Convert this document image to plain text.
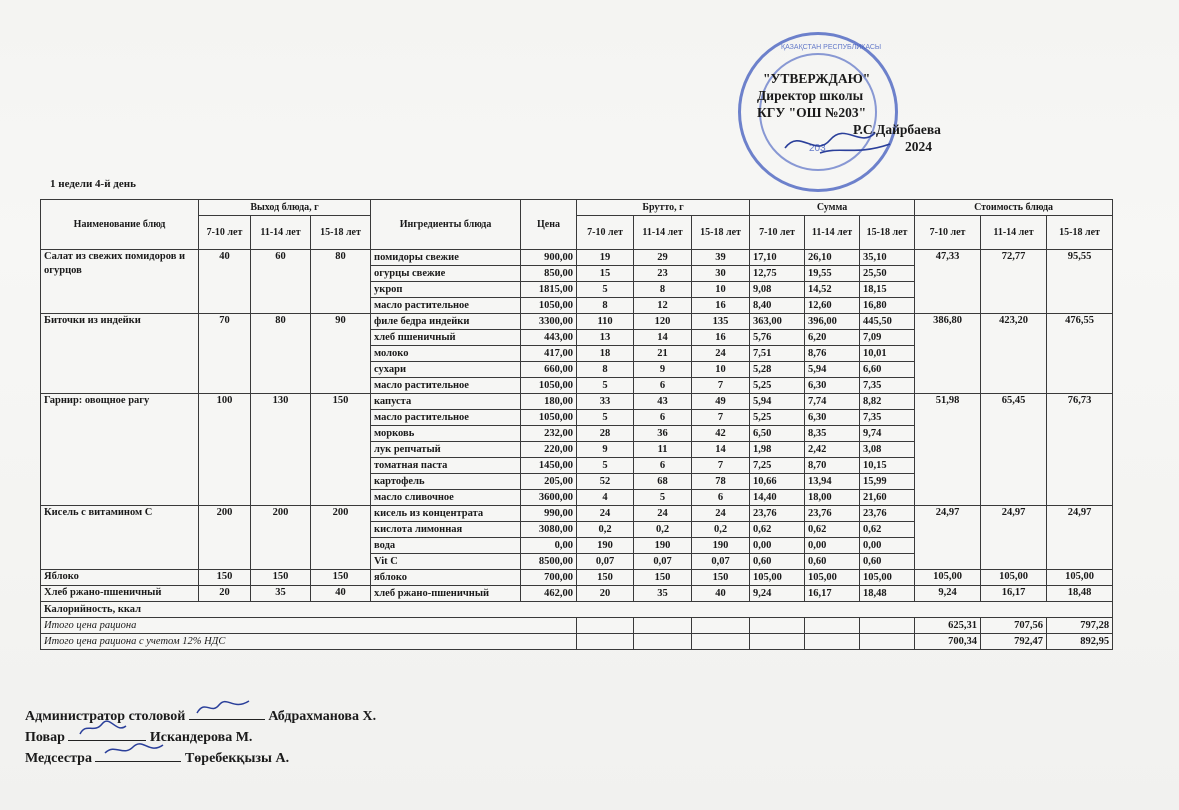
ҚАЗАҚСТАН РЕСПУБЛИКАСЫ
203
"УТВЕРЖДАЮ"
Директор школы
КГУ "ОШ №203"
Р.С.Дайрбаева
2024
1 недели 4-й день
Наименование блюд	Выход блюда, г			Ингредиенты блюда	Цена	Брутто, г			Сумма			Стоимость блюда		
	7-10 лет	11-14 лет	15-18 лет			7-10 лет	11-14 лет	15-18 лет	7-10 лет	11-14 лет	15-18 лет	7-10 лет	11-14 лет	15-18 лет
Салат из свежих помидоров и огурцов	40	60	80	помидоры свежие	900,00	19	29	39	17,10	26,10	35,10	47,33	72,77	95,55
				огурцы свежие	850,00	15	23	30	12,75	19,55	25,50			
				укроп	1815,00	5	8	10	9,08	14,52	18,15			
				масло растительное	1050,00	8	12	16	8,40	12,60	16,80			
Биточки из индейки	70	80	90	филе бедра индейки	3300,00	110	120	135	363,00	396,00	445,50	386,80	423,20	476,55
				хлеб пшеничный	443,00	13	14	16	5,76	6,20	7,09			
				молоко	417,00	18	21	24	7,51	8,76	10,01			
				сухари	660,00	8	9	10	5,28	5,94	6,60			
				масло растительное	1050,00	5	6	7	5,25	6,30	7,35			
Гарнир: овощное рагу	100	130	150	капуста	180,00	33	43	49	5,94	7,74	8,82	51,98	65,45	76,73
				масло растительное	1050,00	5	6	7	5,25	6,30	7,35			
				морковь	232,00	28	36	42	6,50	8,35	9,74			
				лук репчатый	220,00	9	11	14	1,98	2,42	3,08			
				томатная паста	1450,00	5	6	7	7,25	8,70	10,15			
				картофель	205,00	52	68	78	10,66	13,94	15,99			
				масло сливочное	3600,00	4	5	6	14,40	18,00	21,60			
Кисель с витамином С	200	200	200	кисель из концентрата	990,00	24	24	24	23,76	23,76	23,76	24,97	24,97	24,97
				кислота лимонная	3080,00	0,2	0,2	0,2	0,62	0,62	0,62			
				вода	0,00	190	190	190	0,00	0,00	0,00			
				Vit C	8500,00	0,07	0,07	0,07	0,60	0,60	0,60			
Яблоко	150	150	150	яблоко	700,00	150	150	150	105,00	105,00	105,00	105,00	105,00	105,00
Хлеб ржано-пшеничный	20	35	40	хлеб ржано-пшеничный	462,00	20	35	40	9,24	16,17	18,48	9,24	16,17	18,48
Калорийность, ккал														
Итого цена рациона												625,31	707,56	797,28
Итого цена рациона с учетом 12% НДС												700,34	792,47	892,95
Администратор столовой	Абдрахманова Х.
Повар	Искандерова М.
Медсестра	Төребекқызы А.
